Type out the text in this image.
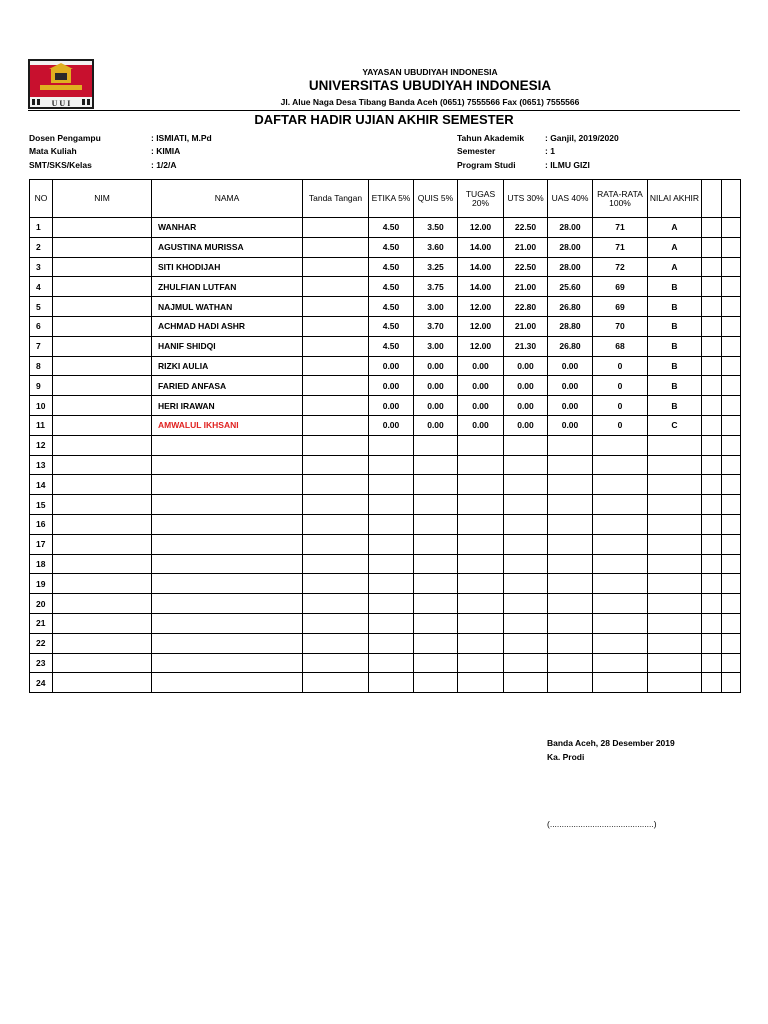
U U I
YAYASAN UBUDIYAH INDONESIA
UNIVERSITAS UBUDIYAH INDONESIA
Jl. Alue Naga Desa Tibang Banda Aceh (0651) 7555566 Fax (0651) 7555566
DAFTAR HADIR UJIAN AKHIR SEMESTER
Dosen Pengampu	: ISMIATI, M.Pd
Mata Kuliah	: KIMIA
SMT/SKS/Kelas	: 1/2/A
Tahun Akademik : Ganjil, 2019/2020
Semester	: 1
Program Studi	: ILMU GIZI
NO	NIM	NAMA	Tanda Tangan	ETIKA 5%	QUIS 5%	TUGAS 20%	UTS 30%	UAS 40%	RATA-RATA 100%	NILAI AKHIR		
1		WANHAR		4.50	3.50	12.00	22.50	28.00	71	A		
2		AGUSTINA MURISSA		4.50	3.60	14.00	21.00	28.00	71	A		
3		SITI KHODIJAH		4.50	3.25	14.00	22.50	28.00	72	A		
4		ZHULFIAN LUTFAN		4.50	3.75	14.00	21.00	25.60	69	B		
5		NAJMUL WATHAN		4.50	3.00	12.00	22.80	26.80	69	B		
6		ACHMAD HADI ASHR		4.50	3.70	12.00	21.00	28.80	70	B		
7		HANIF SHIDQI		4.50	3.00	12.00	21.30	26.80	68	B		
8		RIZKI AULIA		0.00	0.00	0.00	0.00	0.00	0	B		
9		FARIED ANFASA		0.00	0.00	0.00	0.00	0.00	0	B		
10		HERI IRAWAN		0.00	0.00	0.00	0.00	0.00	0	B		
11		AMWALUL IKHSANI		0.00	0.00	0.00	0.00	0.00	0	C		
12												
13												
14												
15												
16												
17												
18												
19												
20												
21												
22												
23												
24												
Banda Aceh, 28 Desember 2019
Ka. Prodi
(............................................)
